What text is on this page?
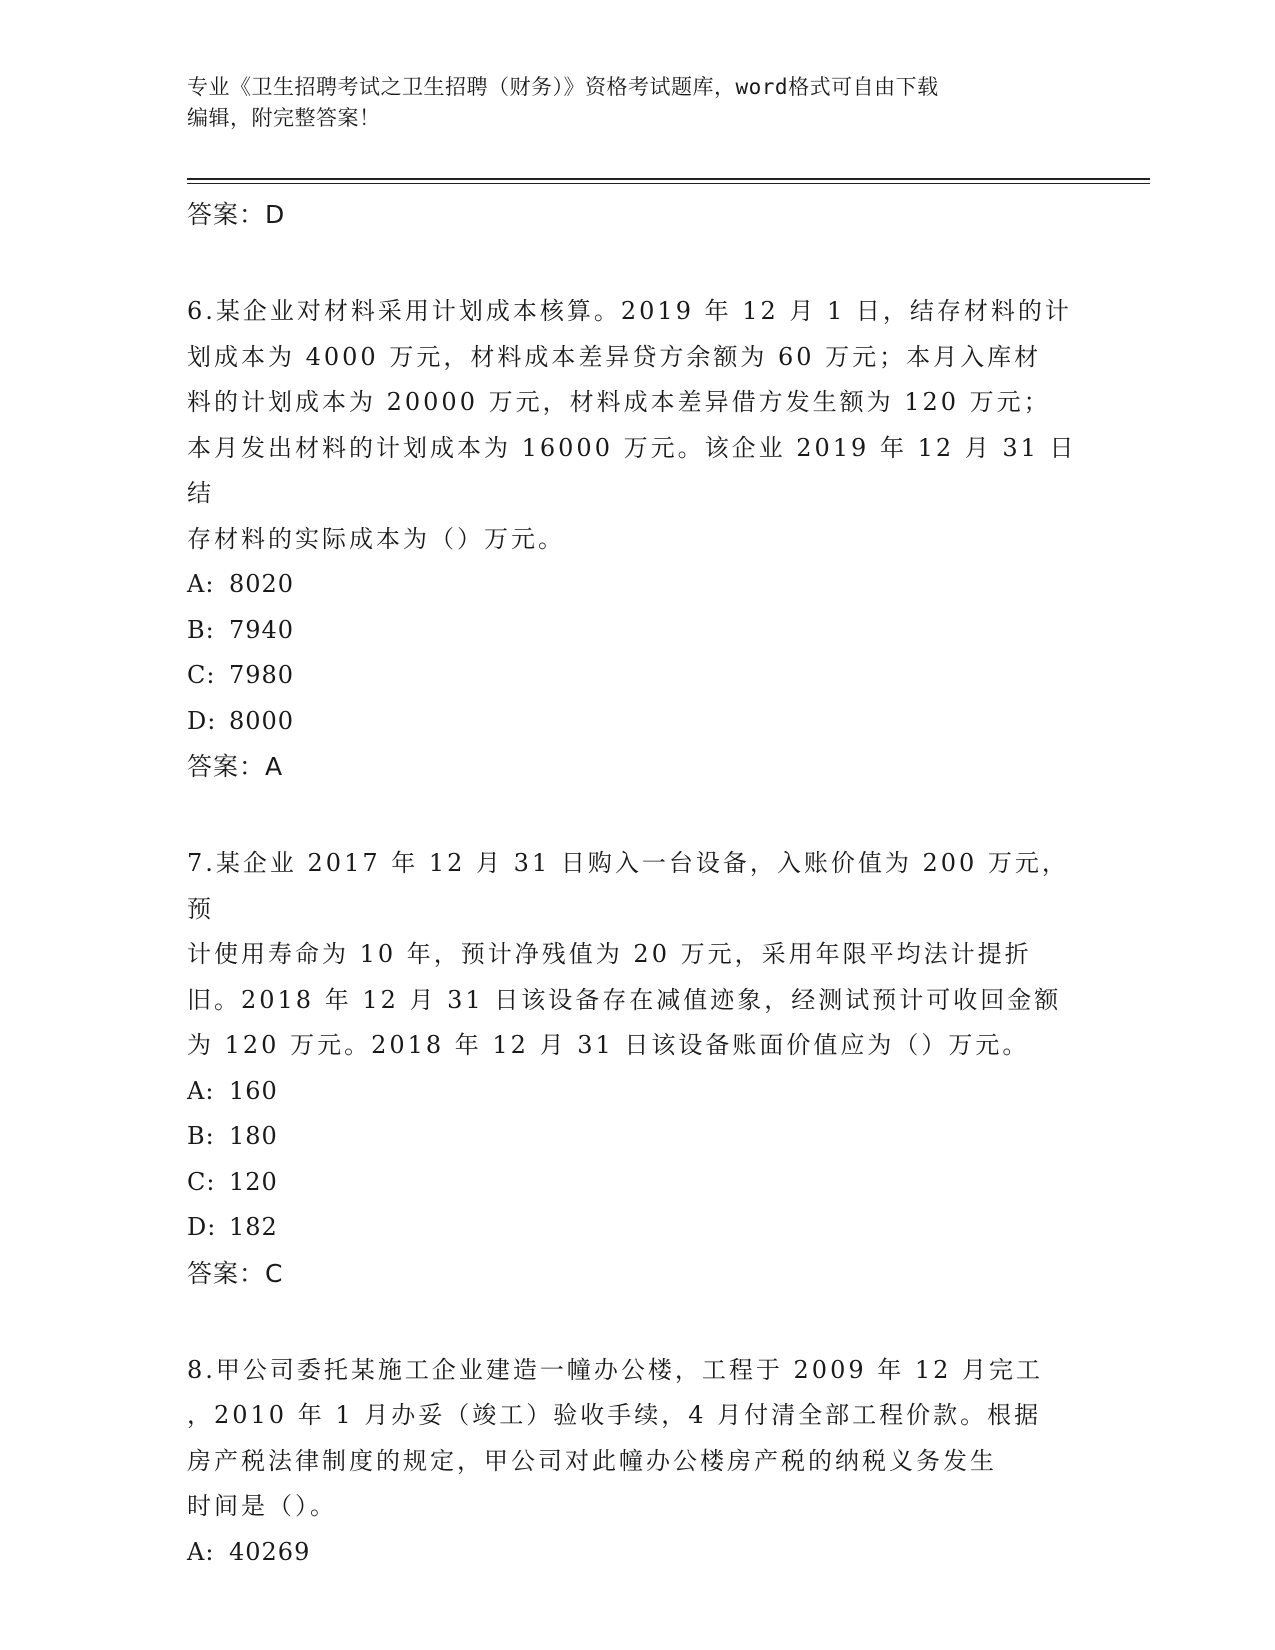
专业《卫生招聘考试之卫生招聘（财务）》资格考试题库，word格式可自由下载
编辑，附完整答案！
答案：D
6.某企业对材料采用计划成本核算。2019 年 12 月 1 日，结存材料的计
划成本为 4000 万元，材料成本差异贷方余额为 60 万元；本月入库材
料的计划成本为 20000 万元，材料成本差异借方发生额为 120 万元；
本月发出材料的计划成本为 16000 万元。该企业 2019 年 12 月 31 日结
存材料的实际成本为（）万元。
A: 8020
B: 7940
C: 7980
D: 8000
答案：A
7.某企业 2017 年 12 月 31 日购入一台设备，入账价值为 200 万元，预
计使用寿命为 10 年，预计净残值为 20 万元，采用年限平均法计提折
旧。2018 年 12 月 31 日该设备存在减值迹象，经测试预计可收回金额
为 120 万元。2018 年 12 月 31 日该设备账面价值应为（）万元。
A: 160
B: 180
C: 120
D: 182
答案：C
8.甲公司委托某施工企业建造一幢办公楼，工程于 2009 年 12 月完工
，2010 年 1 月办妥（竣工）验收手续，4 月付清全部工程价款。根据
房产税法律制度的规定，甲公司对此幢办公楼房产税的纳税义务发生
时间是（）。
A: 40269
